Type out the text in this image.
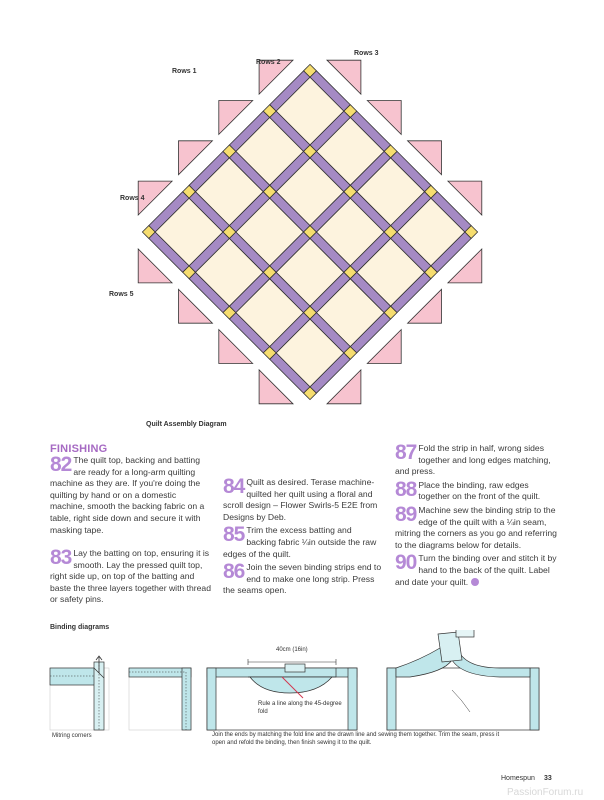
Rows 1
Rows 2
Rows 3
Rows 4
Rows 5
Quilt Assembly Diagram
FINISHING
82 The quilt top, backing and batting are ready for a long-arm quilting machine as they are. If you're doing the quilting by hand or on a domestic machine, smooth the backing fabric on a table, right side down and secure it with masking tape.
83 Lay the batting on top, ensuring it is smooth. Lay the pressed quilt top, right side up, on top of the batting and baste the three layers together with thread or safety pins.
84 Quilt as desired. Terase machine-quilted her quilt using a floral and scroll design – Flower Swirls-5 E2E from Designs by Deb.
85 Trim the excess batting and backing fabric ¼in outside the raw edges of the quilt.
86 Join the seven binding strips end to end to make one long strip. Press the seams open.
87 Fold the strip in half, wrong sides together and long edges matching, and press.
88 Place the binding, raw edges together on the front of the quilt.
89 Machine sew the binding strip to the edge of the quilt with a ¼in seam, mitring the corners as you go and referring to the diagrams below for details.
90 Turn the binding over and stitch it by hand to the back of the quilt. Label and date your quilt.
Binding diagrams
40cm (16in)
Rule a line along the 45-degree fold
Mitring corners	Join the ends by matching the fold line and the drawn line and sewing them together. Trim the seam, press it open and refold the binding, then finish sewing it to the quilt.
Homespun 33
PassionForum.ru
